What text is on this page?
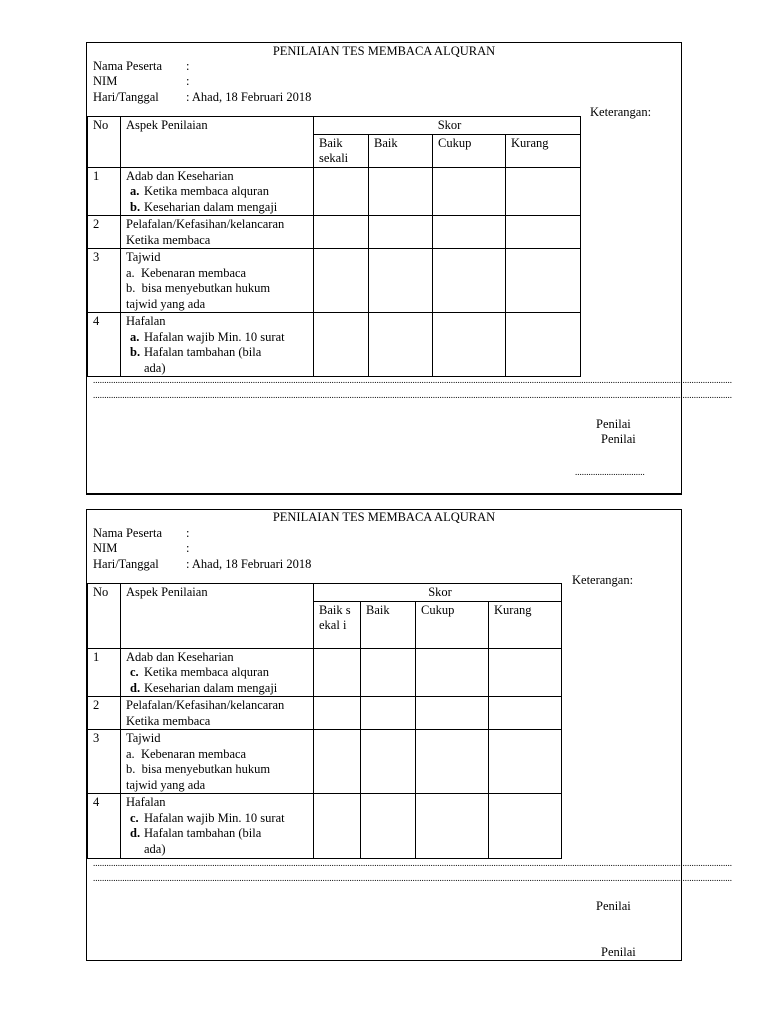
PENILAIAN TES MEMBACA ALQURAN
Nama Peserta :
NIM	:
Hari/Tanggal : Ahad, 18 Februari 2018
Keterangan:
No	Aspek Penilaian	Skor			

		Baik sekali	Baik	Cukup	Kurang
1	Adab dan Keseharian
a. Ketika membaca alquran
b. Keseharian dalam mengaji				

2	Pelafalan/Kefasihan/kelancaran
Ketika membaca				

3	Tajwid
a. Kebenaran membaca
b. bisa menyebutkan hukum
tajwid yang ada				

4	Hafalan
a. Hafalan wajib Min. 10 surat
b. Hafalan tambahan (bila
ada)				

............................................................................................................................................................................................................................................................................................
............................................................................................................................................................................................................................................................................................
Penilai
Penilai
...............................
PENILAIAN TES MEMBACA ALQURAN
Nama Peserta :
NIM	:
Hari/Tanggal : Ahad, 18 Februari 2018
Keterangan:
No	Aspek Penilaian	Skor			

		Baik sekal i	Baik	Cukup	Kurang
1	Adab dan Keseharian
c. Ketika membaca alquran
d. Keseharian dalam mengaji				

2	Pelafalan/Kefasihan/kelancaran
Ketika membaca				

3	Tajwid
a. Kebenaran membaca
b. bisa menyebutkan hukum
tajwid yang ada				

4	Hafalan
c. Hafalan wajib Min. 10 surat
d. Hafalan tambahan (bila
ada)				

............................................................................................................................................................................................................................................................................................
............................................................................................................................................................................................................................................................................................
Penilai
Penilai
